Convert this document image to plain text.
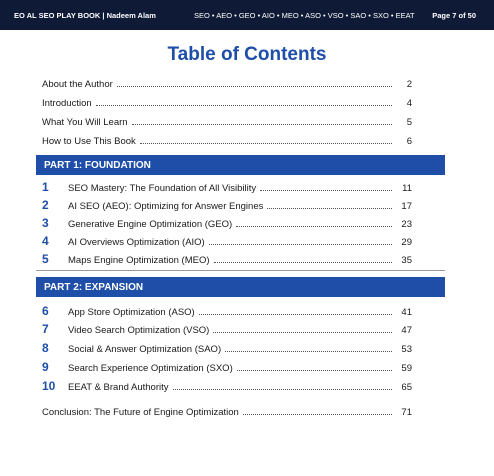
EO AL SEO PLAY BOOK | Nadeem Alam	SEO • AEO • GEO • AIO • MEO • ASO • VSO • SAO • SXO • EEAT Page 7 of 50
Table of Contents
About the Author	2
Introduction	4
What You Will Learn	5
How to Use This Book	6
PART 1: FOUNDATION
1	SEO Mastery: The Foundation of All Visibility	11
2	AI SEO (AEO): Optimizing for Answer Engines	17
3	Generative Engine Optimization (GEO)	23
4	AI Overviews Optimization (AIO)	29
5	Maps Engine Optimization (MEO)	35
PART 2: EXPANSION
6	App Store Optimization (ASO)	41
7	Video Search Optimization (VSO)	47
8	Social & Answer Optimization (SAO)	53
9	Search Experience Optimization (SXO)	59
10	EEAT & Brand Authority	65
Conclusion: The Future of Engine Optimization	71
